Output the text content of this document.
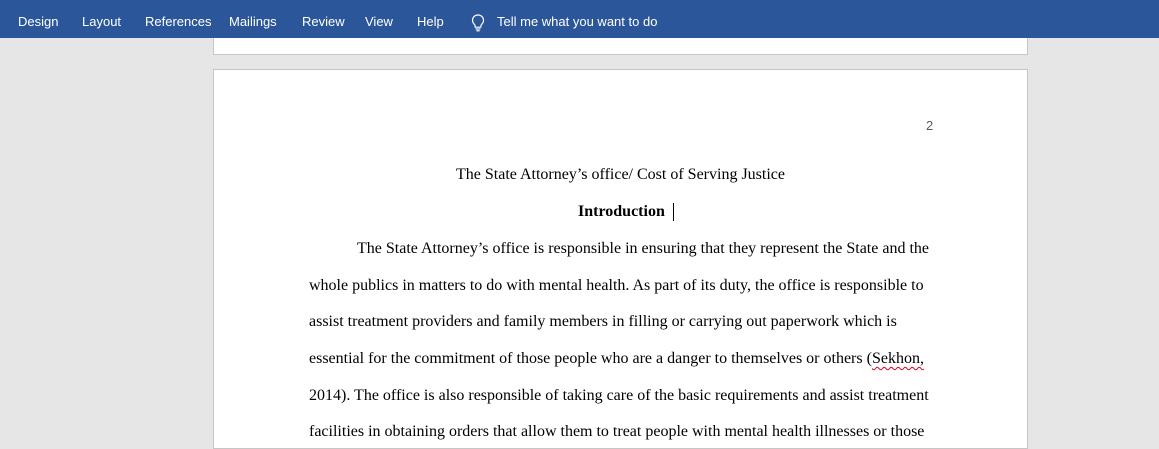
Design Layout References Mailings Review View Help	Tell me what you want to do
2
The State Attorney’s office/ Cost of Serving Justice
Introduction
The State Attorney’s office is responsible in ensuring that they represent the State and the
whole publics in matters to do with mental health. As part of its duty, the office is responsible to
assist treatment providers and family members in filling or carrying out paperwork which is
essential for the commitment of those people who are a danger to themselves or others (Sekhon,
2014). The office is also responsible of taking care of the basic requirements and assist treatment
facilities in obtaining orders that allow them to treat people with mental health illnesses or those
